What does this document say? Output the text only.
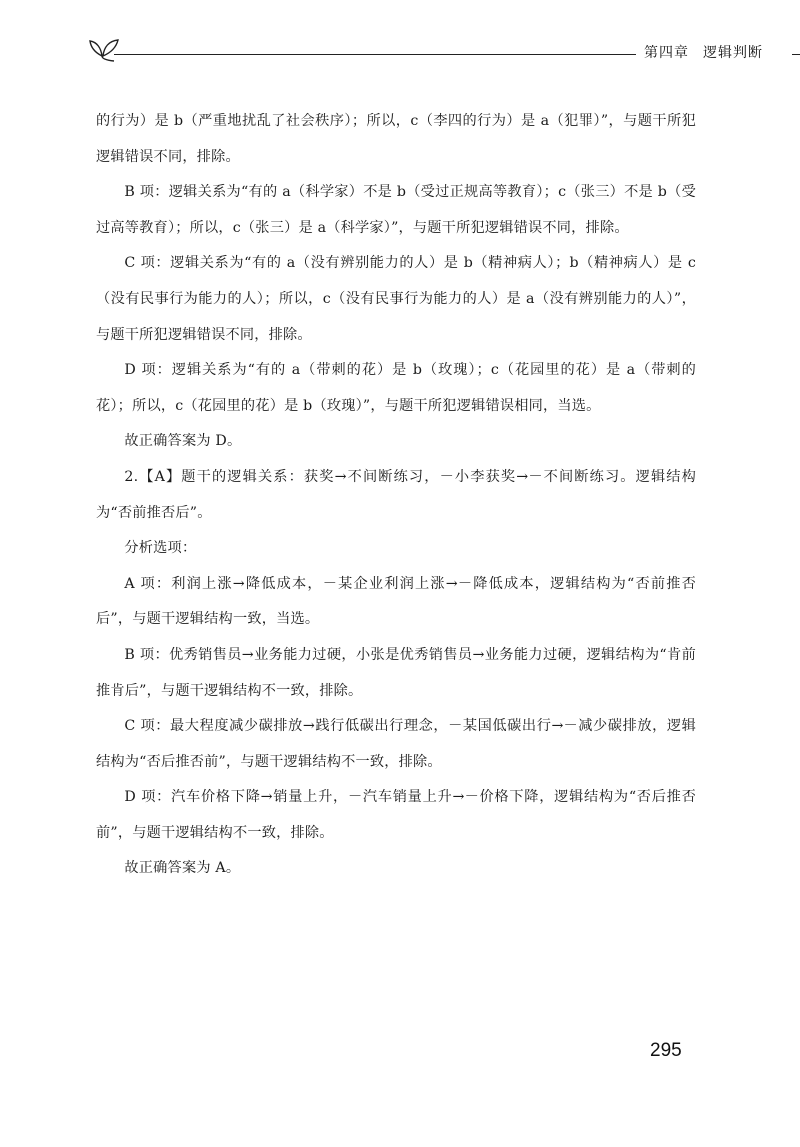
第四章 逻辑判断

的行为）是 b（严重地扰乱了社会秩序）；所以，c（李四的行为）是 a（犯罪）”，与题干所犯逻辑错误不同，排除。

B 项：逻辑关系为“有的 a（科学家）不是 b（受过正规高等教育）；c（张三）不是 b（受过高等教育）；所以，c（张三）是 a（科学家）”，与题干所犯逻辑错误不同，排除。

C 项：逻辑关系为“有的 a（没有辨别能力的人）是 b（精神病人）；b（精神病人）是 c（没有民事行为能力的人）；所以，c（没有民事行为能力的人）是 a（没有辨别能力的人）”，与题干所犯逻辑错误不同，排除。

D 项：逻辑关系为“有的 a（带刺的花）是 b（玫瑰）；c（花园里的花）是 a（带刺的花）；所以，c（花园里的花）是 b（玫瑰）”，与题干所犯逻辑错误相同，当选。

故正确答案为 D。

2.【A】题干的逻辑关系：获奖→不间断练习，－小李获奖→－不间断练习。逻辑结构为“否前推否后”。

分析选项：

A 项：利润上涨→降低成本，－某企业利润上涨→－降低成本，逻辑结构为“否前推否后”，与题干逻辑结构一致，当选。

B 项：优秀销售员→业务能力过硬，小张是优秀销售员→业务能力过硬，逻辑结构为“肯前推肯后”，与题干逻辑结构不一致，排除。

C 项：最大程度减少碳排放→践行低碳出行理念，－某国低碳出行→－减少碳排放，逻辑结构为“否后推否前”，与题干逻辑结构不一致，排除。

D 项：汽车价格下降→销量上升，－汽车销量上升→－价格下降，逻辑结构为“否后推否前”，与题干逻辑结构不一致，排除。

故正确答案为 A。

295
